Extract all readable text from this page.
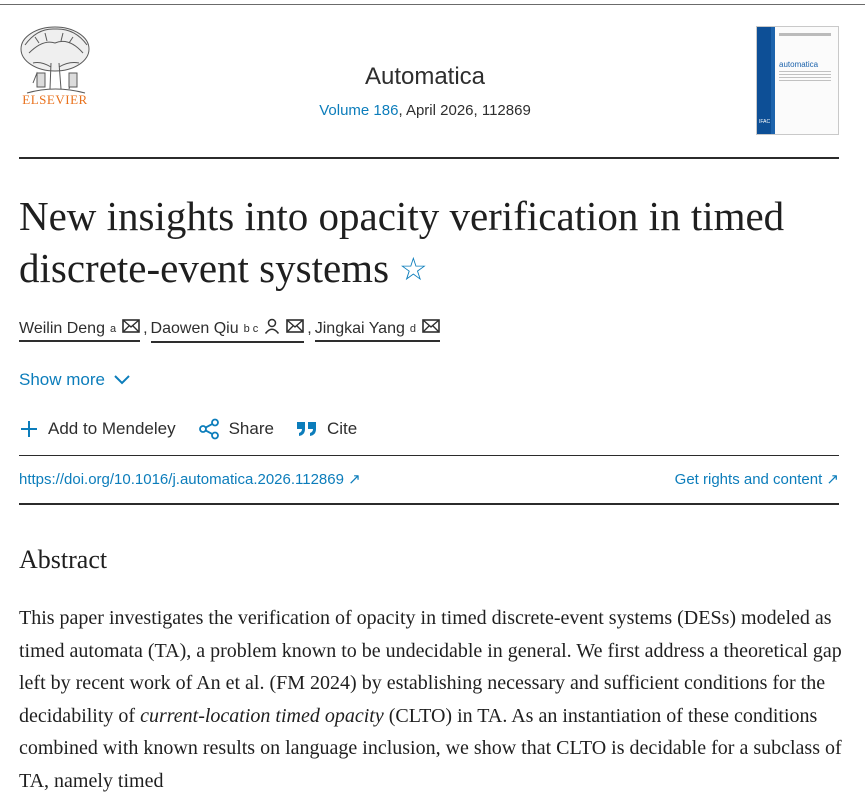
ELSEVIER
Automatica
Volume 186, April 2026, 112869
automatica
IFAC
New insights into opacity verification in timed discrete-event systems ☆
Weilin Deng a , Daowen Qiu b c	, Jingkai Yang d
Show more
Add to Mendeley	Share	Cite
https://doi.org/10.1016/j.automatica.2026.112869 ↗	Get rights and content ↗
Abstract

This paper investigates the verification of opacity in timed discrete-event systems (DESs) modeled as timed automata (TA), a problem known to be undecidable in general. We first address a theoretical gap left by recent work of An et al. (FM 2024) by establishing necessary and sufficient conditions for the decidability of current-location timed opacity (CLTO) in TA. As an instantiation of these conditions combined with known results on language inclusion, we show that CLTO is decidable for a subclass of TA, namely timed
